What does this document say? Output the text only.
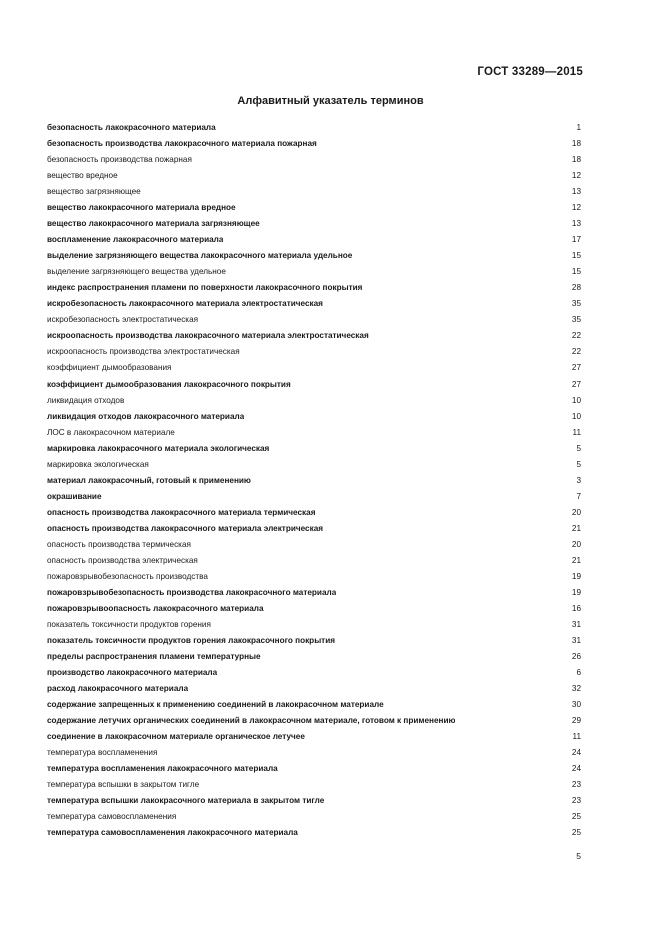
ГОСТ 33289—2015
Алфавитный указатель терминов
безопасность лакокрасочного материала	1
безопасность производства лакокрасочного материала пожарная	18
безопасность производства пожарная	18
вещество вредное	12
вещество загрязняющее	13
вещество лакокрасочного материала вредное	12
вещество лакокрасочного материала загрязняющее	13
воспламенение лакокрасочного материала	17
выделение загрязняющего вещества лакокрасочного материала удельное	15
выделение загрязняющего вещества удельное	15
индекс распространения пламени по поверхности лакокрасочного покрытия	28
искробезопасность лакокрасочного материала электростатическая	35
искробезопасность электростатическая	35
искроопасность производства лакокрасочного материала электростатическая	22
искроопасность производства электростатическая	22
коэффициент дымообразования	27
коэффициент дымообразования лакокрасочного покрытия	27
ликвидация отходов	10
ликвидация отходов лакокрасочного материала	10
ЛОС в лакокрасочном материале	11
маркировка лакокрасочного материала экологическая	5
маркировка экологическая	5
материал лакокрасочный, готовый к применению	3
окрашивание	7
опасность производства лакокрасочного материала термическая	20
опасность производства лакокрасочного материала электрическая	21
опасность производства термическая	20
опасность производства электрическая	21
пожаровзрывобезопасность производства	19
пожаровзрывобезопасность производства лакокрасочного материала	19
пожаровзрывоопасность лакокрасочного материала	16
показатель токсичности продуктов горения	31
показатель токсичности продуктов горения лакокрасочного покрытия	31
пределы распространения пламени температурные	26
производство лакокрасочного материала	6
расход лакокрасочного материала	32
содержание запрещенных к применению соединений в лакокрасочном материале	30
содержание летучих органических соединений в лакокрасочном материале, готовом к применению	29
соединение в лакокрасочном материале органическое летучее	11
температура воспламенения	24
температура воспламенения лакокрасочного материала	24
температура вспышки в закрытом тигле	23
температура вспышки лакокрасочного материала в закрытом тигле	23
температура самовоспламенения	25
температура самовоспламенения лакокрасочного материала	25
5
